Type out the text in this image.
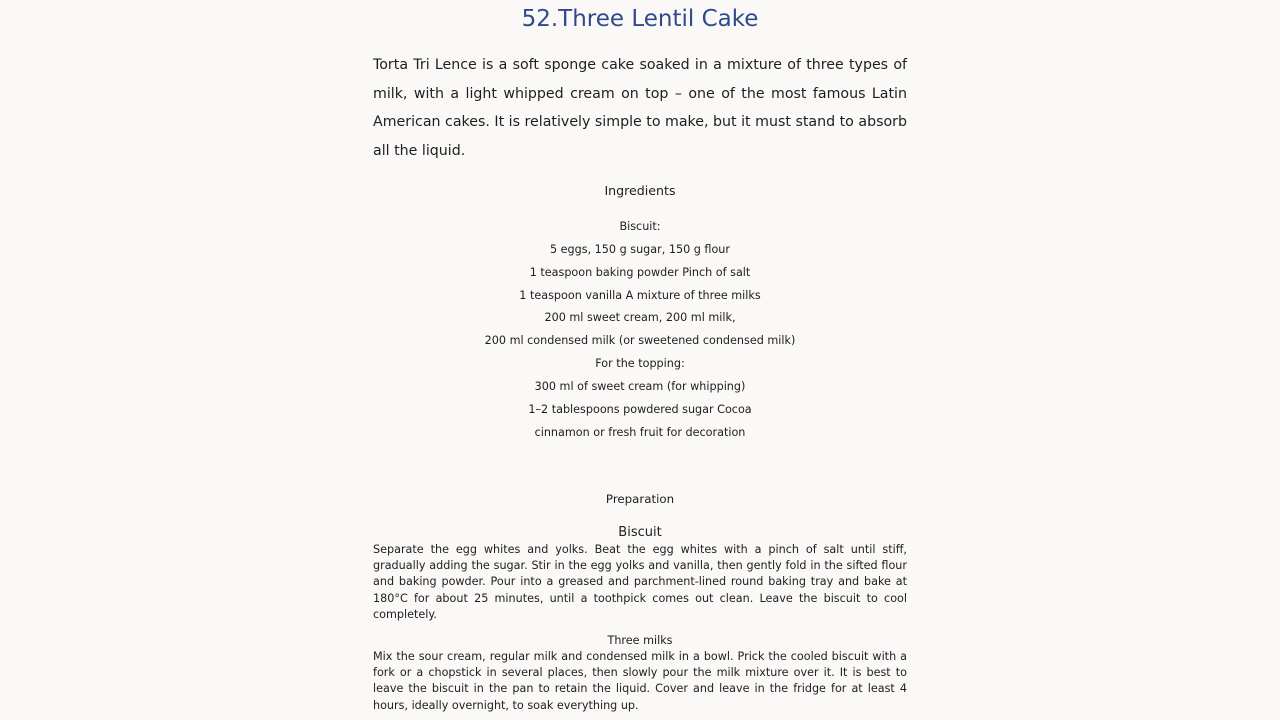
52.Three Lentil Cake

Torta Tri Lence is a soft sponge cake soaked in a mixture of three types of milk, with a light whipped cream on top – one of the most famous Latin American cakes. It is relatively simple to make, but it must stand to absorb all the liquid.

Ingredients
Biscuit:
5 eggs, 150 g sugar, 150 g flour
1 teaspoon baking powder Pinch of salt
1 teaspoon vanilla A mixture of three milks
200 ml sweet cream, 200 ml milk,
200 ml condensed milk (or sweetened condensed milk)
For the topping:
300 ml of sweet cream (for whipping)
1–2 tablespoons powdered sugar Cocoa
cinnamon or fresh fruit for decoration
Preparation
Biscuit

Separate the egg whites and yolks. Beat the egg whites with a pinch of salt until stiff, gradually adding the sugar. Stir in the egg yolks and vanilla, then gently fold in the sifted flour and baking powder. Pour into a greased and parchment-lined round baking tray and bake at 180°C for about 25 minutes, until a toothpick comes out clean. Leave the biscuit to cool completely.

Three milks

Mix the sour cream, regular milk and condensed milk in a bowl. Prick the cooled biscuit with a fork or a chopstick in several places, then slowly pour the milk mixture over it. It is best to leave the biscuit in the pan to retain the liquid. Cover and leave in the fridge for at least 4 hours, ideally overnight, to soak everything up.
